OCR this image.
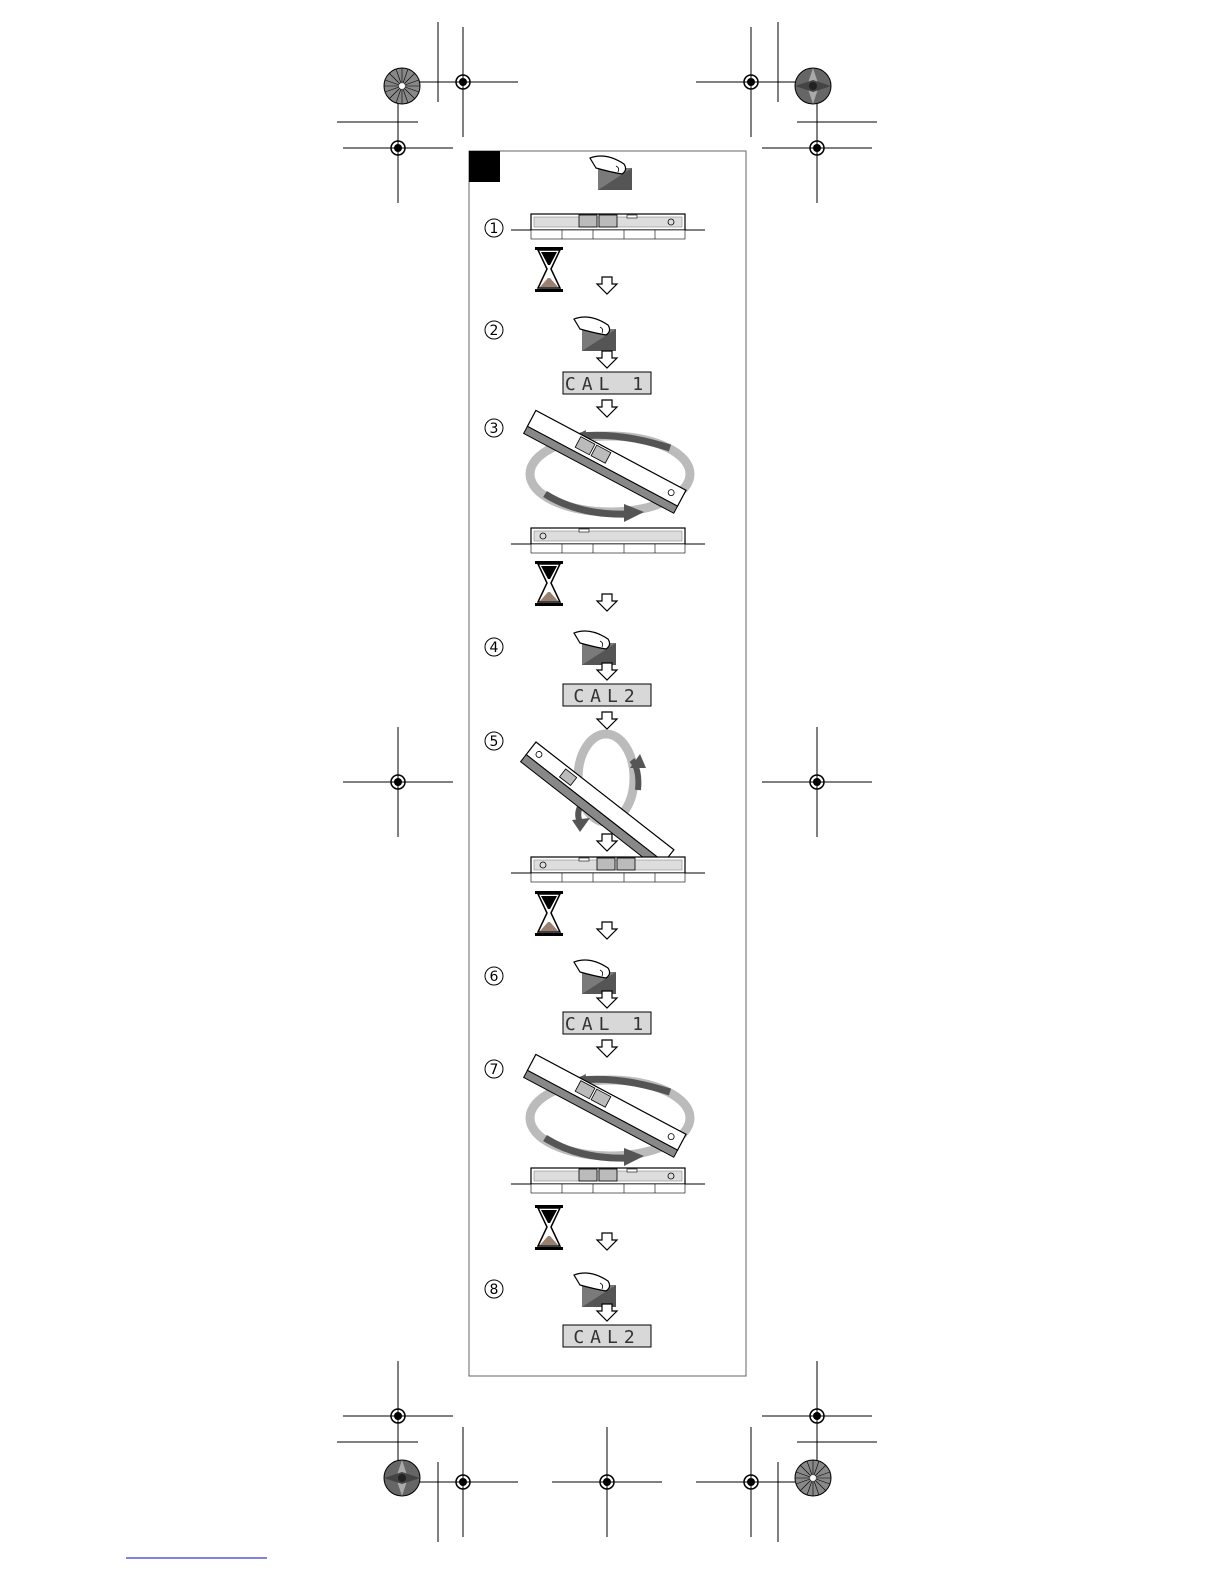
1
2
CAL 1
3
4
CAL2
5
6
CAL 1
7
8
CAL2
